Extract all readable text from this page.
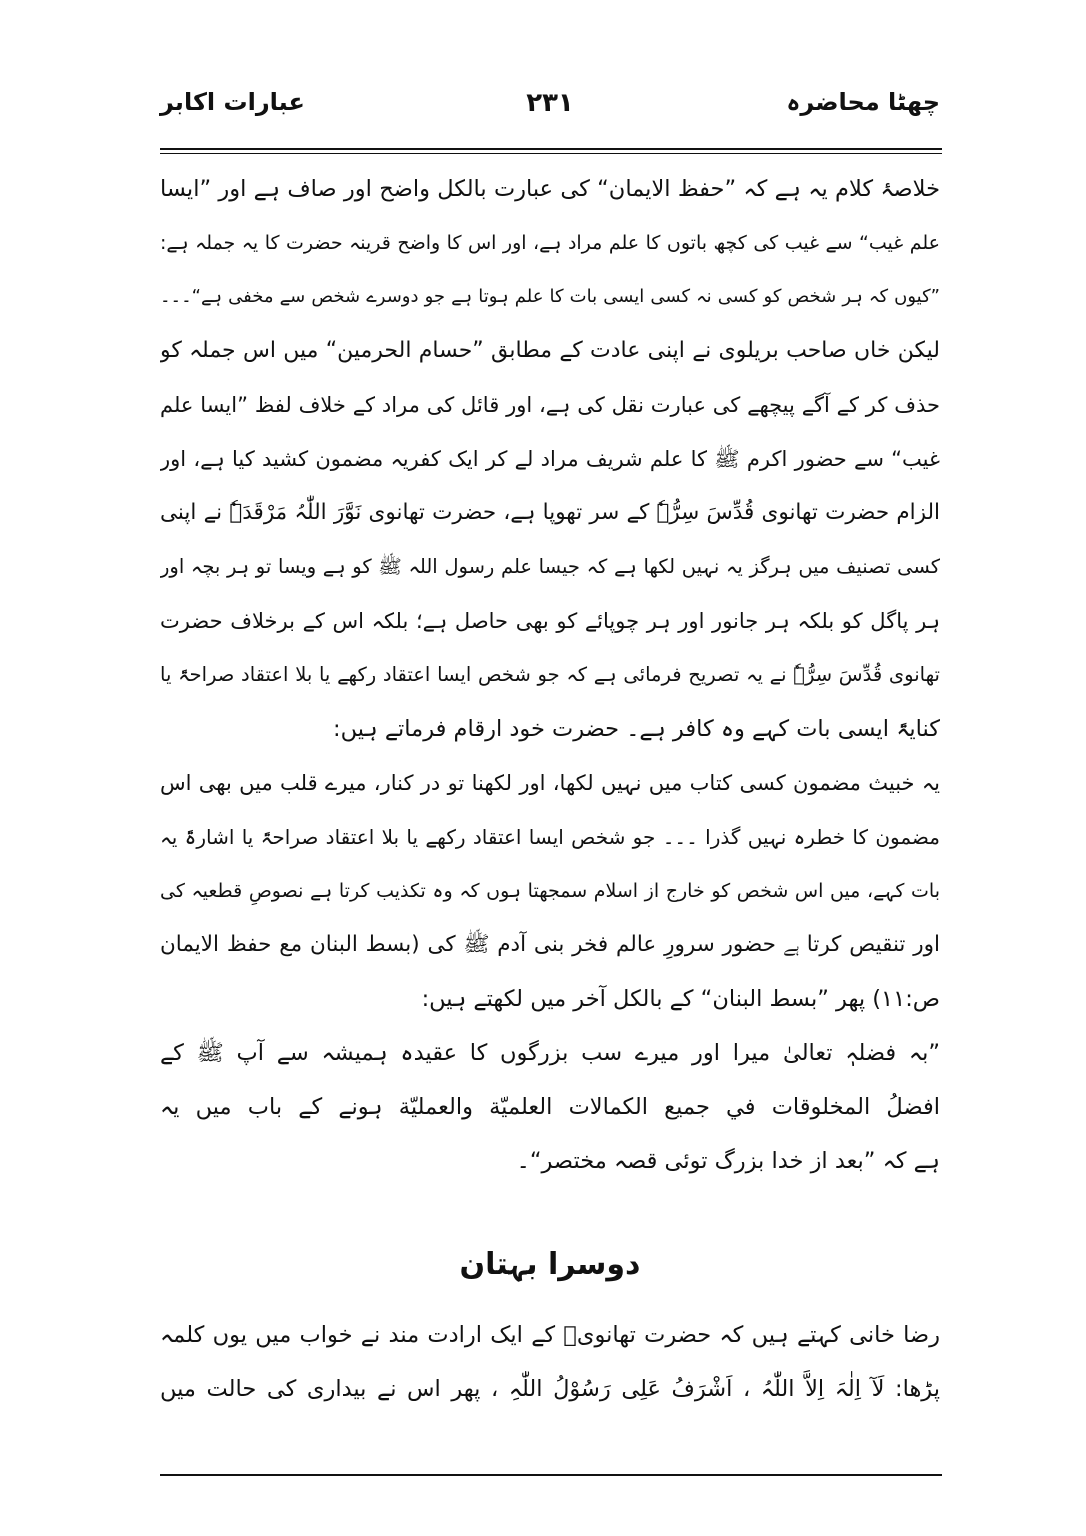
چھٹا محاضرہ
۲۳۱
عبارات اکابر
خلاصۂ کلام یہ ہے کہ ”حفظ الایمان“ کی عبارت بالکل واضح اور صاف ہے اور ”ایسا
علم غیب“ سے غیب کی کچھ باتوں کا علم مراد ہے، اور اس کا واضح قرینہ حضرت کا یہ جملہ ہے:
”کیوں کہ ہر شخص کو کسی نہ کسی ایسی بات کا علم ہوتا ہے جو دوسرے شخص سے مخفی ہے“۔۔۔
لیکن خاں صاحب بریلوی نے اپنی عادت کے مطابق ”حسام الحرمین“ میں اس جملہ کو
حذف کر کے آگے پیچھے کی عبارت نقل کی ہے، اور قائل کی مراد کے خلاف لفظ ”ایسا علم
غیب“ سے حضور اکرم ﷺ کا علم شریف مراد لے کر ایک کفریہ مضمون کشید کیا ہے، اور
الزام حضرت تھانوی قُدِّسَ سِرُّہٗ کے سر تھوپا ہے، حضرت تھانوی نَوَّرَ اللّٰہُ مَرْقَدَہٗ نے اپنی
کسی تصنیف میں ہرگز یہ نہیں لکھا ہے کہ جیسا علم رسول اللہ ﷺ کو ہے ویسا تو ہر بچہ اور
ہر پاگل کو بلکہ ہر جانور اور ہر چوپائے کو بھی حاصل ہے؛ بلکہ اس کے برخلاف حضرت
تھانوی قُدِّسَ سِرُّہٗ نے یہ تصریح فرمائی ہے کہ جو شخص ایسا اعتقاد رکھے یا بلا اعتقاد صراحۃً یا
کنایۃً ایسی بات کہے وہ کافر ہے۔ حضرت خود ارقام فرماتے ہیں:
یہ خبیث مضمون کسی کتاب میں نہیں لکھا، اور لکھنا تو در کنار، میرے قلب میں بھی اس
مضمون کا خطرہ نہیں گذرا ۔۔۔ جو شخص ایسا اعتقاد رکھے یا بلا اعتقاد صراحۃً یا اشارۃً یہ
بات کہے، میں اس شخص کو خارج از اسلام سمجھتا ہوں کہ وہ تکذیب کرتا ہے نصوصِ قطعیہ کی
اور تنقیص کرتا ہے حضور سرورِ عالم فخر بنی آدم ﷺ کی (بسط البنان مع حفظ الایمان
ص:۱۱) پھر ”بسط البنان“ کے بالکل آخر میں لکھتے ہیں:
”بہ فضلہٖ تعالیٰ میرا اور میرے سب بزرگوں کا عقیدہ ہمیشہ سے آپ ﷺ کے
افضلُ المخلوقات في جميع الكمالات العلميّة والعمليّة ہونے کے باب میں یہ
ہے کہ ”بعد از خدا بزرگ توئی قصہ مختصر“۔
دوسرا بہتان
رضا خانی کہتے ہیں کہ حضرت تھانویؒ کے ایک ارادت مند نے خواب میں یوں کلمہ
پڑھا: لَآ اِلٰہَ اِلاَّ اللّٰہُ ، اَشْرَفُ عَلِی رَسُوْلُ اللّٰہِ ، پھر اس نے بیداری کی حالت میں
